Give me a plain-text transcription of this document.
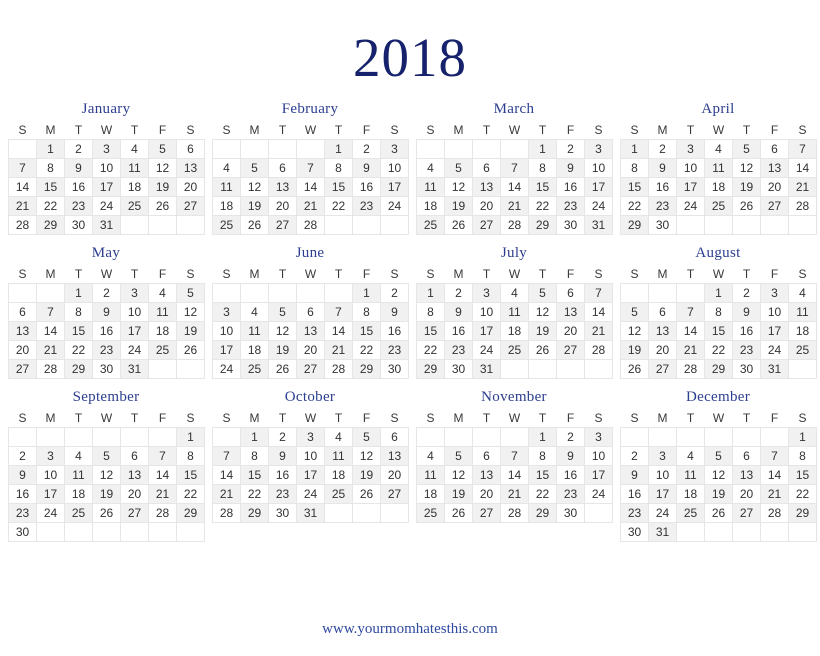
2018
January
S	M	T	W	T	F	S
	1	2	3	4	5	6
7	8	9	10	11	12	13
14	15	16	17	18	19	20
21	22	23	24	25	26	27
28	29	30	31			
February
S	M	T	W	T	F	S
				1	2	3
4	5	6	7	8	9	10
11	12	13	14	15	16	17
18	19	20	21	22	23	24
25	26	27	28			
March
S	M	T	W	T	F	S
				1	2	3
4	5	6	7	8	9	10
11	12	13	14	15	16	17
18	19	20	21	22	23	24
25	26	27	28	29	30	31
April
S	M	T	W	T	F	S
1	2	3	4	5	6	7
8	9	10	11	12	13	14
15	16	17	18	19	20	21
22	23	24	25	26	27	28
29	30					
May
S	M	T	W	T	F	S
		1	2	3	4	5
6	7	8	9	10	11	12
13	14	15	16	17	18	19
20	21	22	23	24	25	26
27	28	29	30	31		
June
S	M	T	W	T	F	S
					1	2
3	4	5	6	7	8	9
10	11	12	13	14	15	16
17	18	19	20	21	22	23
24	25	26	27	28	29	30
July
S	M	T	W	T	F	S
1	2	3	4	5	6	7
8	9	10	11	12	13	14
15	16	17	18	19	20	21
22	23	24	25	26	27	28
29	30	31				
August
S	M	T	W	T	F	S
			1	2	3	4
5	6	7	8	9	10	11
12	13	14	15	16	17	18
19	20	21	22	23	24	25
26	27	28	29	30	31	
September
S	M	T	W	T	F	S
						1
2	3	4	5	6	7	8
9	10	11	12	13	14	15
16	17	18	19	20	21	22
23	24	25	26	27	28	29
30						
October
S	M	T	W	T	F	S
	1	2	3	4	5	6
7	8	9	10	11	12	13
14	15	16	17	18	19	20
21	22	23	24	25	26	27
28	29	30	31			
November
S	M	T	W	T	F	S
				1	2	3
4	5	6	7	8	9	10
11	12	13	14	15	16	17
18	19	20	21	22	23	24
25	26	27	28	29	30	
December
S	M	T	W	T	F	S
						1
2	3	4	5	6	7	8
9	10	11	12	13	14	15
16	17	18	19	20	21	22
23	24	25	26	27	28	29
30	31					
www.yourmomhatesthis.com
